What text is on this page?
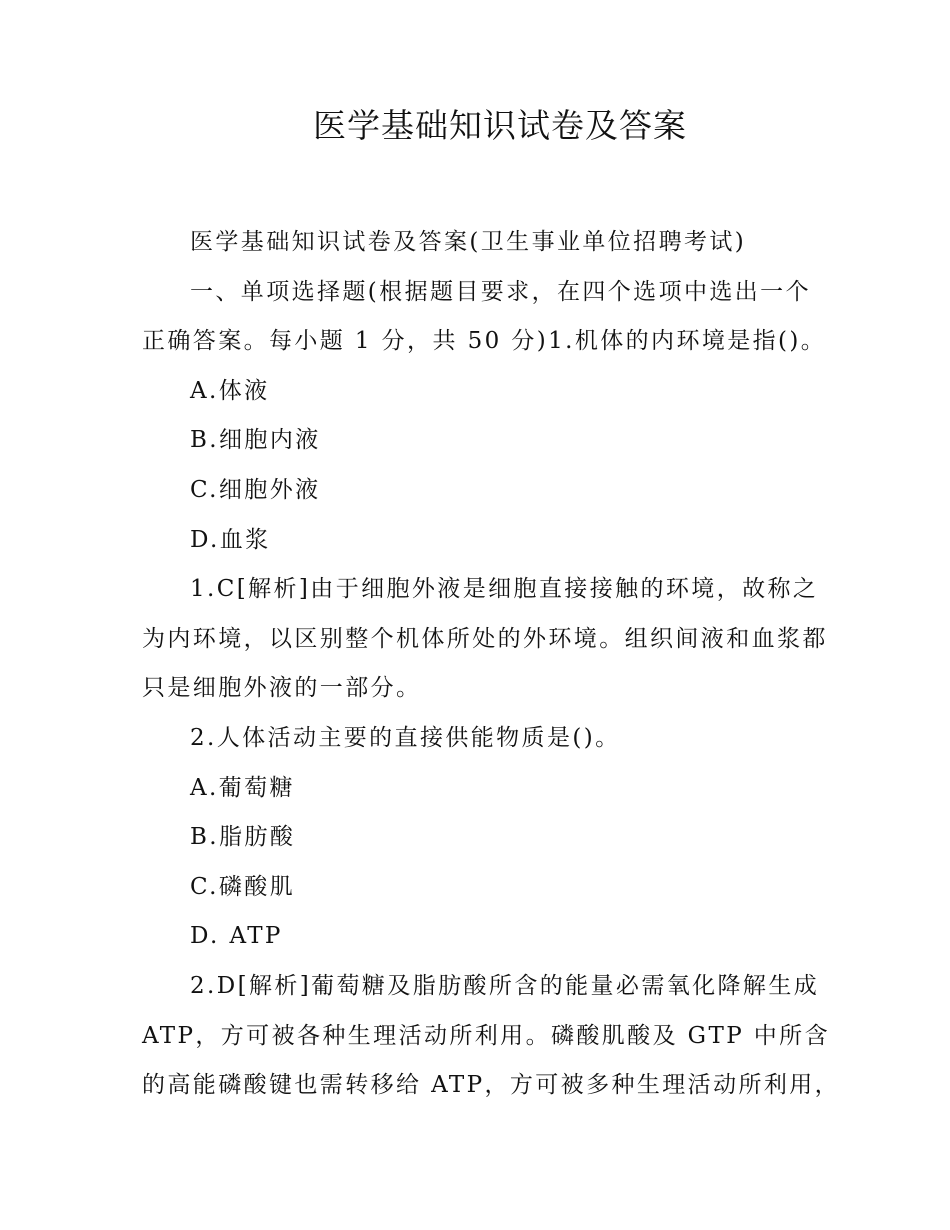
医学基础知识试卷及答案

医学基础知识试卷及答案(卫生事业单位招聘考试)

一、单项选择题(根据题目要求，在四个选项中选出一个
正确答案。每小题 1 分，共 50 分)1.机体的内环境是指()。

A.体液

B.细胞内液

C.细胞外液

D.血浆

1.C[解析]由于细胞外液是细胞直接接触的环境，故称之
为内环境，以区别整个机体所处的外环境。组织间液和血浆都
只是细胞外液的一部分。

2.人体活动主要的直接供能物质是()。

A.葡萄糖

B.脂肪酸

C.磷酸肌

D. ATP

2.D[解析]葡萄糖及脂肪酸所含的能量必需氧化降解生成
ATP，方可被各种生理活动所利用。磷酸肌酸及 GTP 中所含
的高能磷酸键也需转移给 ATP，方可被多种生理活动所利用，
